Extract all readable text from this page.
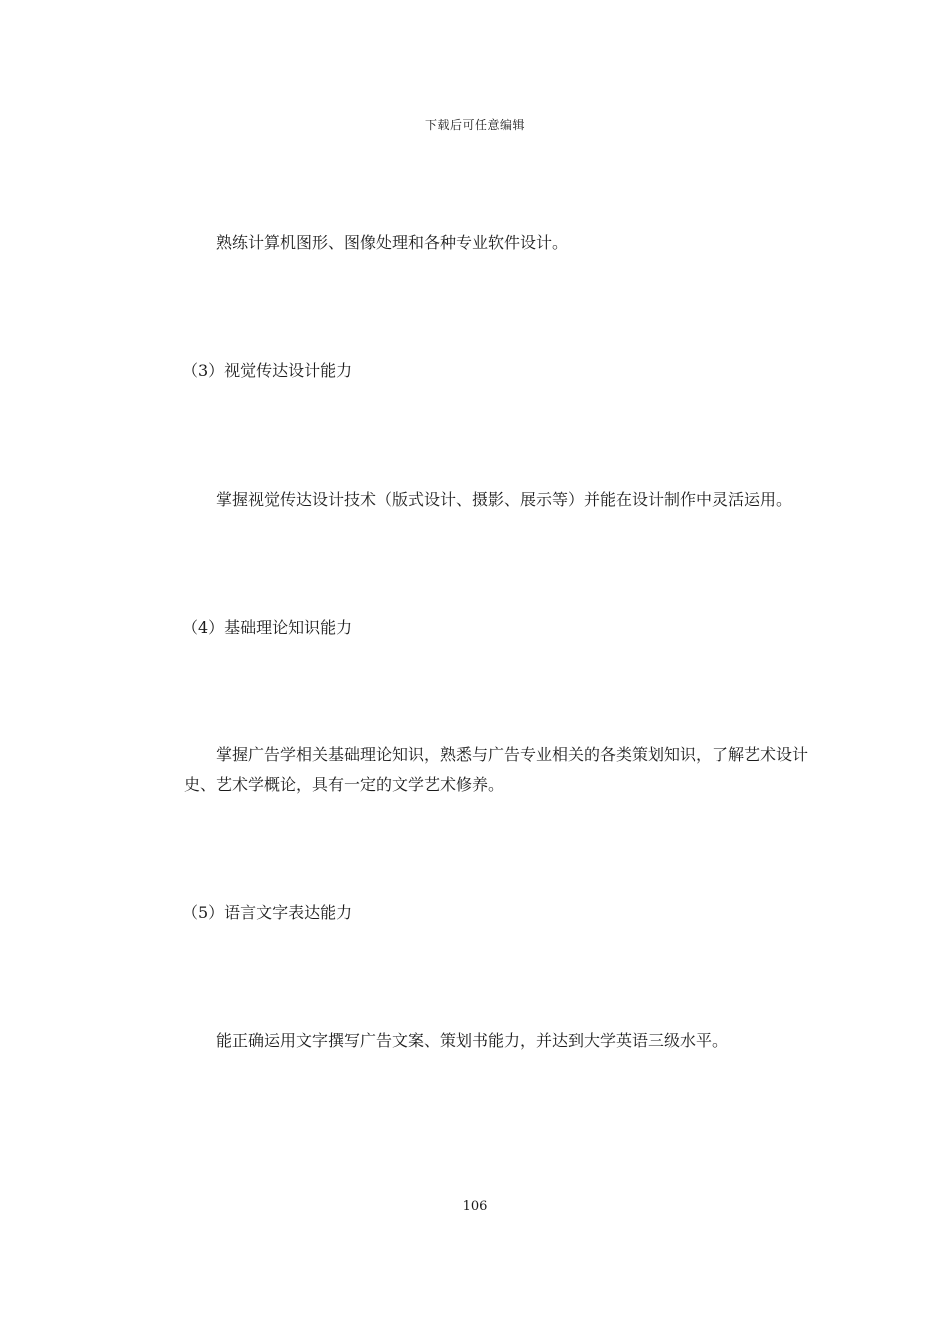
下载后可任意编辑
熟练计算机图形、图像处理和各种专业软件设计。
（3）视觉传达设计能力
掌握视觉传达设计技术（版式设计、摄影、展示等）并能在设计制作中灵活运用。
（4）基础理论知识能力
掌握广告学相关基础理论知识，熟悉与广告专业相关的各类策划知识，了解艺术设计史、艺术学概论，具有一定的文学艺术修养。
（5）语言文字表达能力
能正确运用文字撰写广告文案、策划书能力，并达到大学英语三级水平。
106
